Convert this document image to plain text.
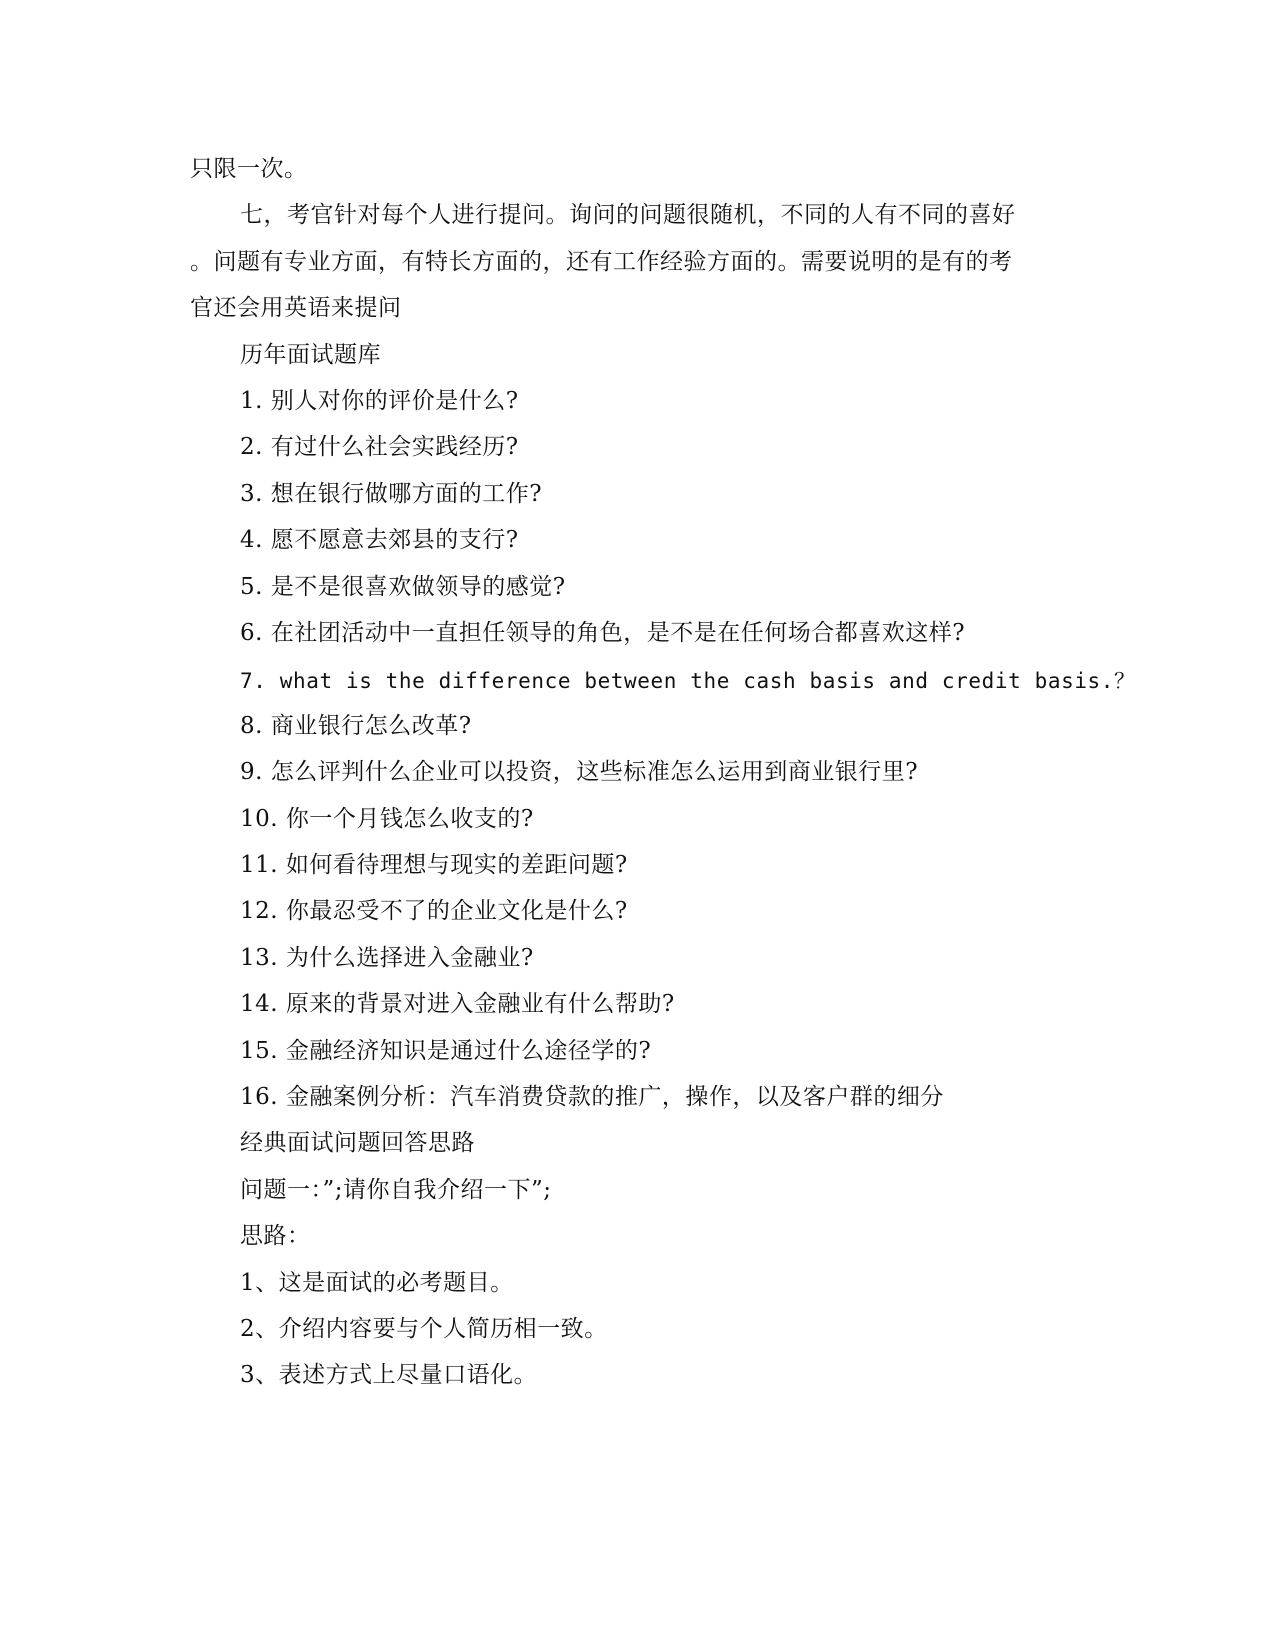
只限一次。
七，考官针对每个人进行提问。询问的问题很随机，不同的人有不同的喜好
。问题有专业方面，有特长方面的，还有工作经验方面的。需要说明的是有的考
官还会用英语来提问
历年面试题库
1. 别人对你的评价是什么?
2. 有过什么社会实践经历?
3. 想在银行做哪方面的工作?
4. 愿不愿意去郊县的支行?
5. 是不是很喜欢做领导的感觉?
6. 在社团活动中一直担任领导的角色，是不是在任何场合都喜欢这样?
7. what is the difference between the cash basis and credit basis.？
8. 商业银行怎么改革?
9. 怎么评判什么企业可以投资，这些标准怎么运用到商业银行里?
10. 你一个月钱怎么收支的?
11. 如何看待理想与现实的差距问题?
12. 你最忍受不了的企业文化是什么?
13. 为什么选择进入金融业?
14. 原来的背景对进入金融业有什么帮助?
15. 金融经济知识是通过什么途径学的?
16. 金融案例分析：汽车消费贷款的推广，操作，以及客户群的细分
经典面试问题回答思路
问题一：”;请你自我介绍一下”;
思路：
1、这是面试的必考题目。
2、介绍内容要与个人简历相一致。
3、表述方式上尽量口语化。
